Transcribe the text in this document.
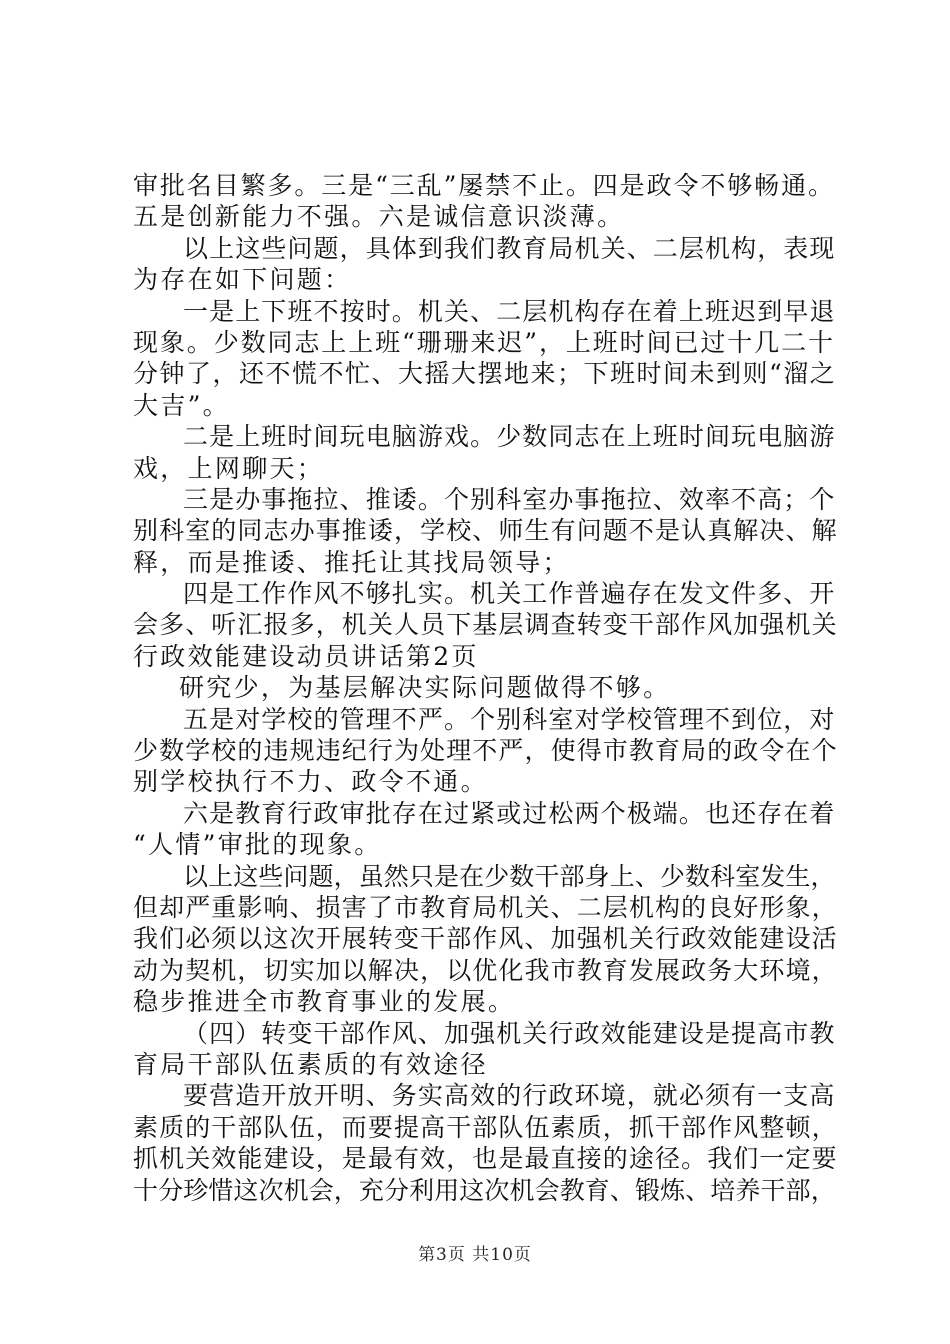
审批名目繁多。三是“三乱”屡禁不止。四是政令不够畅通。
五是创新能力不强。六是诚信意识淡薄。
以上这些问题，具体到我们教育局机关、二层机构，表现
为存在如下问题：
一是上下班不按时。机关、二层机构存在着上班迟到早退
现象。少数同志上上班“珊珊来迟”，上班时间已过十几二十
分钟了，还不慌不忙、大摇大摆地来；下班时间未到则“溜之
大吉”。
二是上班时间玩电脑游戏。少数同志在上班时间玩电脑游
戏，上网聊天；
三是办事拖拉、推诿。个别科室办事拖拉、效率不高；个
别科室的同志办事推诿，学校、师生有问题不是认真解决、解
释，而是推诿、推托让其找局领导；
四是工作作风不够扎实。机关工作普遍存在发文件多、开
会多、听汇报多，机关人员下基层调查转变干部作风加强机关
行政效能建设动员讲话第2页
研究少，为基层解决实际问题做得不够。
五是对学校的管理不严。个别科室对学校管理不到位，对
少数学校的违规违纪行为处理不严，使得市教育局的政令在个
别学校执行不力、政令不通。
六是教育行政审批存在过紧或过松两个极端。也还存在着
“人情”审批的现象。
以上这些问题，虽然只是在少数干部身上、少数科室发生，
但却严重影响、损害了市教育局机关、二层机构的良好形象，
我们必须以这次开展转变干部作风、加强机关行政效能建设活
动为契机，切实加以解决，以优化我市教育发展政务大环境，
稳步推进全市教育事业的发展。
（四）转变干部作风、加强机关行政效能建设是提高市教
育局干部队伍素质的有效途径
要营造开放开明、务实高效的行政环境，就必须有一支高
素质的干部队伍，而要提高干部队伍素质，抓干部作风整顿，
抓机关效能建设，是最有效，也是最直接的途径。我们一定要
十分珍惜这次机会，充分利用这次机会教育、锻炼、培养干部，
第3页 共10页
